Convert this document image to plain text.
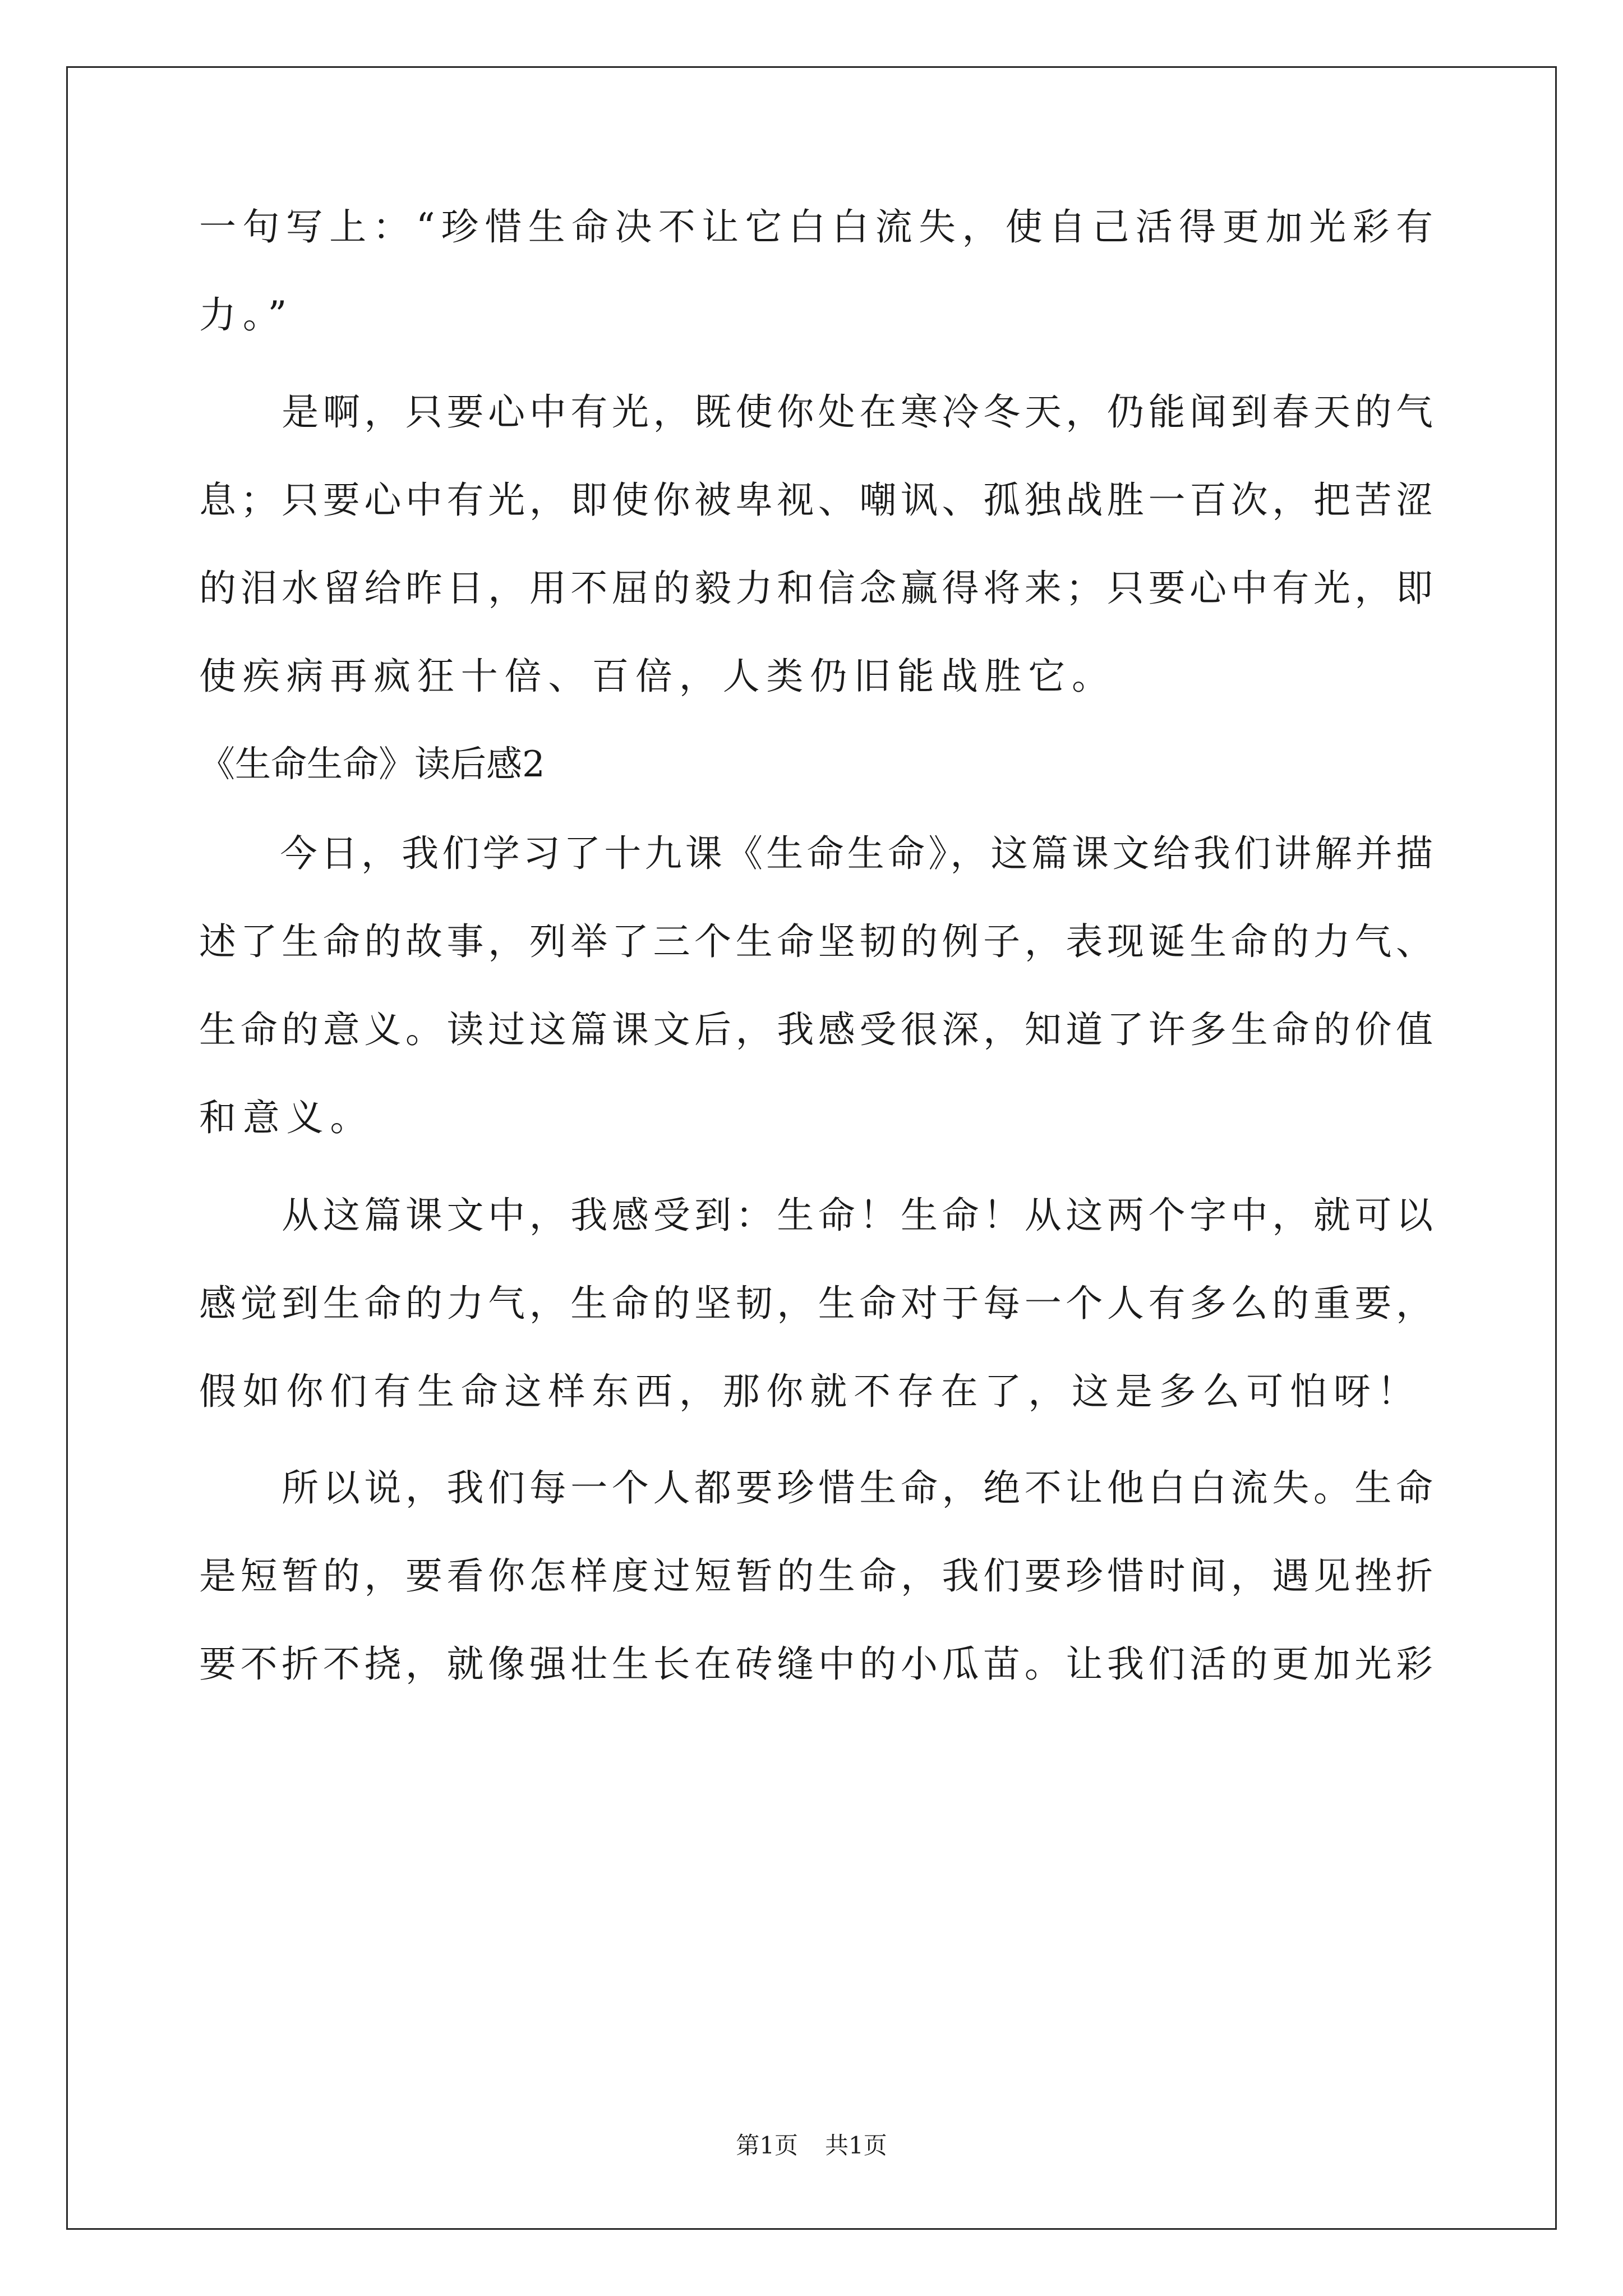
一句写上：“珍惜生命决不让它白白流失，使自己活得更加光彩有
力。”
　　是啊，只要心中有光，既使你处在寒冷冬天，仍能闻到春天的气
息；只要心中有光，即使你被卑视、嘲讽、孤独战胜一百次，把苦涩
的泪水留给昨日，用不屈的毅力和信念赢得将来；只要心中有光，即
使疾病再疯狂十倍、百倍，人类仍旧能战胜它。
《生命生命》读后感2
　　今日，我们学习了十九课《生命生命》，这篇课文给我们讲解并描
述了生命的故事，列举了三个生命坚韧的例子，表现诞生命的力气、
生命的意义。读过这篇课文后，我感受很深，知道了许多生命的价值
和意义。
　　从这篇课文中，我感受到：生命！生命！从这两个字中，就可以
感觉到生命的力气，生命的坚韧，生命对于每一个人有多么的重要，
假如你们有生命这样东西，那你就不存在了，这是多么可怕呀！
　　所以说，我们每一个人都要珍惜生命，绝不让他白白流失。生命
是短暂的，要看你怎样度过短暂的生命，我们要珍惜时间，遇见挫折
要不折不挠，就像强壮生长在砖缝中的小瓜苗。让我们活的更加光彩
第1页 共1页
